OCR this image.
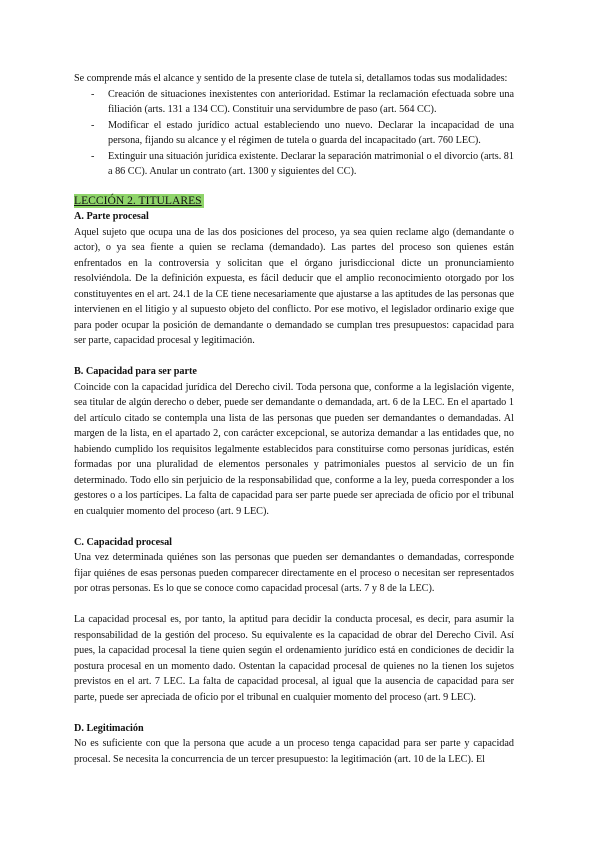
Se comprende más el alcance y sentido de la presente clase de tutela si, detallamos todas sus modalidades:

- Creación de situaciones inexistentes con anterioridad. Estimar la reclamación efectuada sobre una filiación (arts. 131 a 134 CC). Constituir una servidumbre de paso (art. 564 CC).
- Modificar el estado jurídico actual estableciendo uno nuevo. Declarar la incapacidad de una persona, fijando su alcance y el régimen de tutela o guarda del incapacitado (art. 760 LEC).
- Extinguir una situación jurídica existente. Declarar la separación matrimonial o el divorcio (arts. 81 a 86 CC). Anular un contrato (art. 1300 y siguientes del CC).
LECCIÓN 2. TITULARES
A. Parte procesal

Aquel sujeto que ocupa una de las dos posiciones del proceso, ya sea quien reclame algo (demandante o actor), o ya sea fiente a quien se reclama (demandado). Las partes del proceso son quienes están enfrentados en la controversia y solicitan que el órgano jurisdiccional dicte un pronunciamiento resolviéndola. De la definición expuesta, es fácil deducir que el amplio reconocimiento otorgado por los constituyentes en el art. 24.1 de la CE tiene necesariamente que ajustarse a las aptitudes de las personas que intervienen en el litigio y al supuesto objeto del conflicto. Por ese motivo, el legislador ordinario exige que para poder ocupar la posición de demandante o demandado se cumplan tres presupuestos: capacidad para ser parte, capacidad procesal y legitimación.

B. Capacidad para ser parte

Coincide con la capacidad jurídica del Derecho civil. Toda persona que, conforme a la legislación vigente, sea titular de algún derecho o deber, puede ser demandante o demandada, art. 6 de la LEC. En el apartado 1 del artículo citado se contempla una lista de las personas que pueden ser demandantes o demandadas. Al margen de la lista, en el apartado 2, con carácter excepcional, se autoriza demandar a las entidades que, no habiendo cumplido los requisitos legalmente establecidos para constituirse como personas jurídicas, estén formadas por una pluralidad de elementos personales y patrimoniales puestos al servicio de un fin determinado. Todo ello sin perjuicio de la responsabilidad que, conforme a la ley, pueda corresponder a los gestores o a los partícipes. La falta de capacidad para ser parte puede ser apreciada de oficio por el tribunal en cualquier momento del proceso (art. 9 LEC).

C. Capacidad procesal

Una vez determinada quiénes son las personas que pueden ser demandantes o demandadas, corresponde fijar quiénes de esas personas pueden comparecer directamente en el proceso o necesitan ser representados por otras personas. Es lo que se conoce como capacidad procesal (arts. 7 y 8 de la LEC).

La capacidad procesal es, por tanto, la aptitud para decidir la conducta procesal, es decir, para asumir la responsabilidad de la gestión del proceso. Su equivalente es la capacidad de obrar del Derecho Civil. Así pues, la capacidad procesal la tiene quien según el ordenamiento jurídico está en condiciones de decidir la postura procesal en un momento dado. Ostentan la capacidad procesal de quienes no la tienen los sujetos previstos en el art. 7 LEC. La falta de capacidad procesal, al igual que la ausencia de capacidad para ser parte, puede ser apreciada de oficio por el tribunal en cualquier momento del proceso (art. 9 LEC).

D. Legitimación

No es suficiente con que la persona que acude a un proceso tenga capacidad para ser parte y capacidad procesal. Se necesita la concurrencia de un tercer presupuesto: la legitimación (art. 10 de la LEC). El
